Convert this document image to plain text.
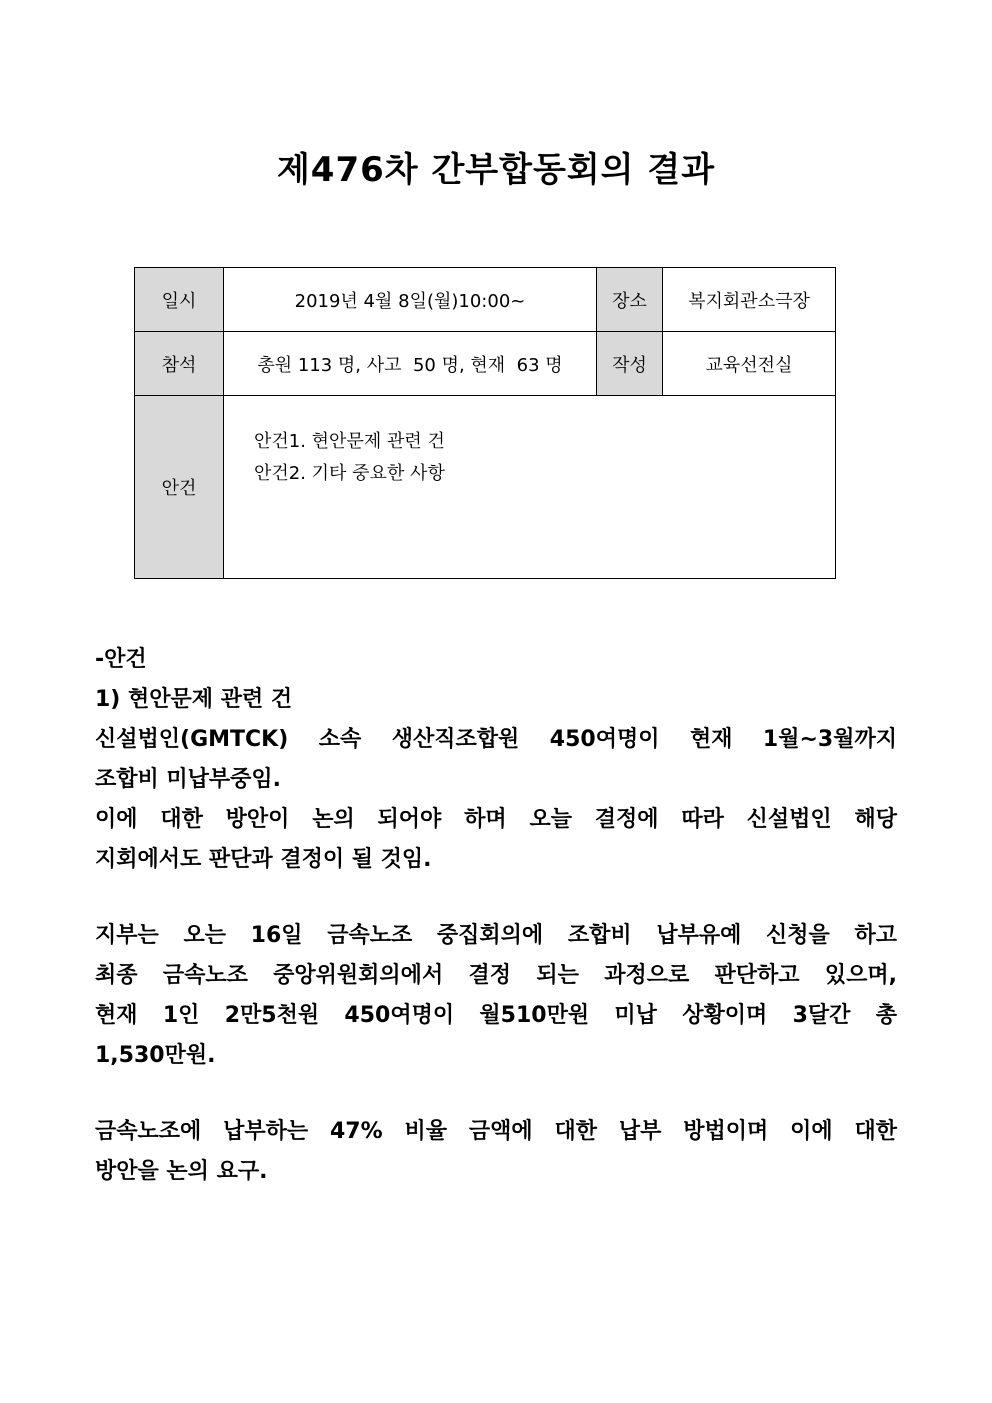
제476차 간부합동회의 결과
일시	2019년 4월 8일(월)10:00~	장소	복지회관소극장
참석	총원 113 명, 사고  50 명, 현재  63 명	작성	교육선전실
안건	안건1. 현안문제 관련 건
안건2. 기타 중요한 사항		
-안건
1) 현안문제 관련 건
신설법인(GMTCK) 소속 생산직조합원 450여명이 현재 1월~3월까지
조합비 미납부중임.
이에 대한 방안이 논의 되어야 하며 오늘 결정에 따라 신설법인 해당
지회에서도 판단과 결정이 될 것임.
지부는 오는 16일 금속노조 중집회의에 조합비 납부유예 신청을 하고
최종 금속노조 중앙위원회의에서 결정 되는 과정으로 판단하고 있으며,
현재 1인 2만5천원 450여명이 월510만원 미납 상황이며 3달간 총
1,530만원.
금속노조에 납부하는 47% 비율 금액에 대한 납부 방법이며 이에 대한
방안을 논의 요구.
